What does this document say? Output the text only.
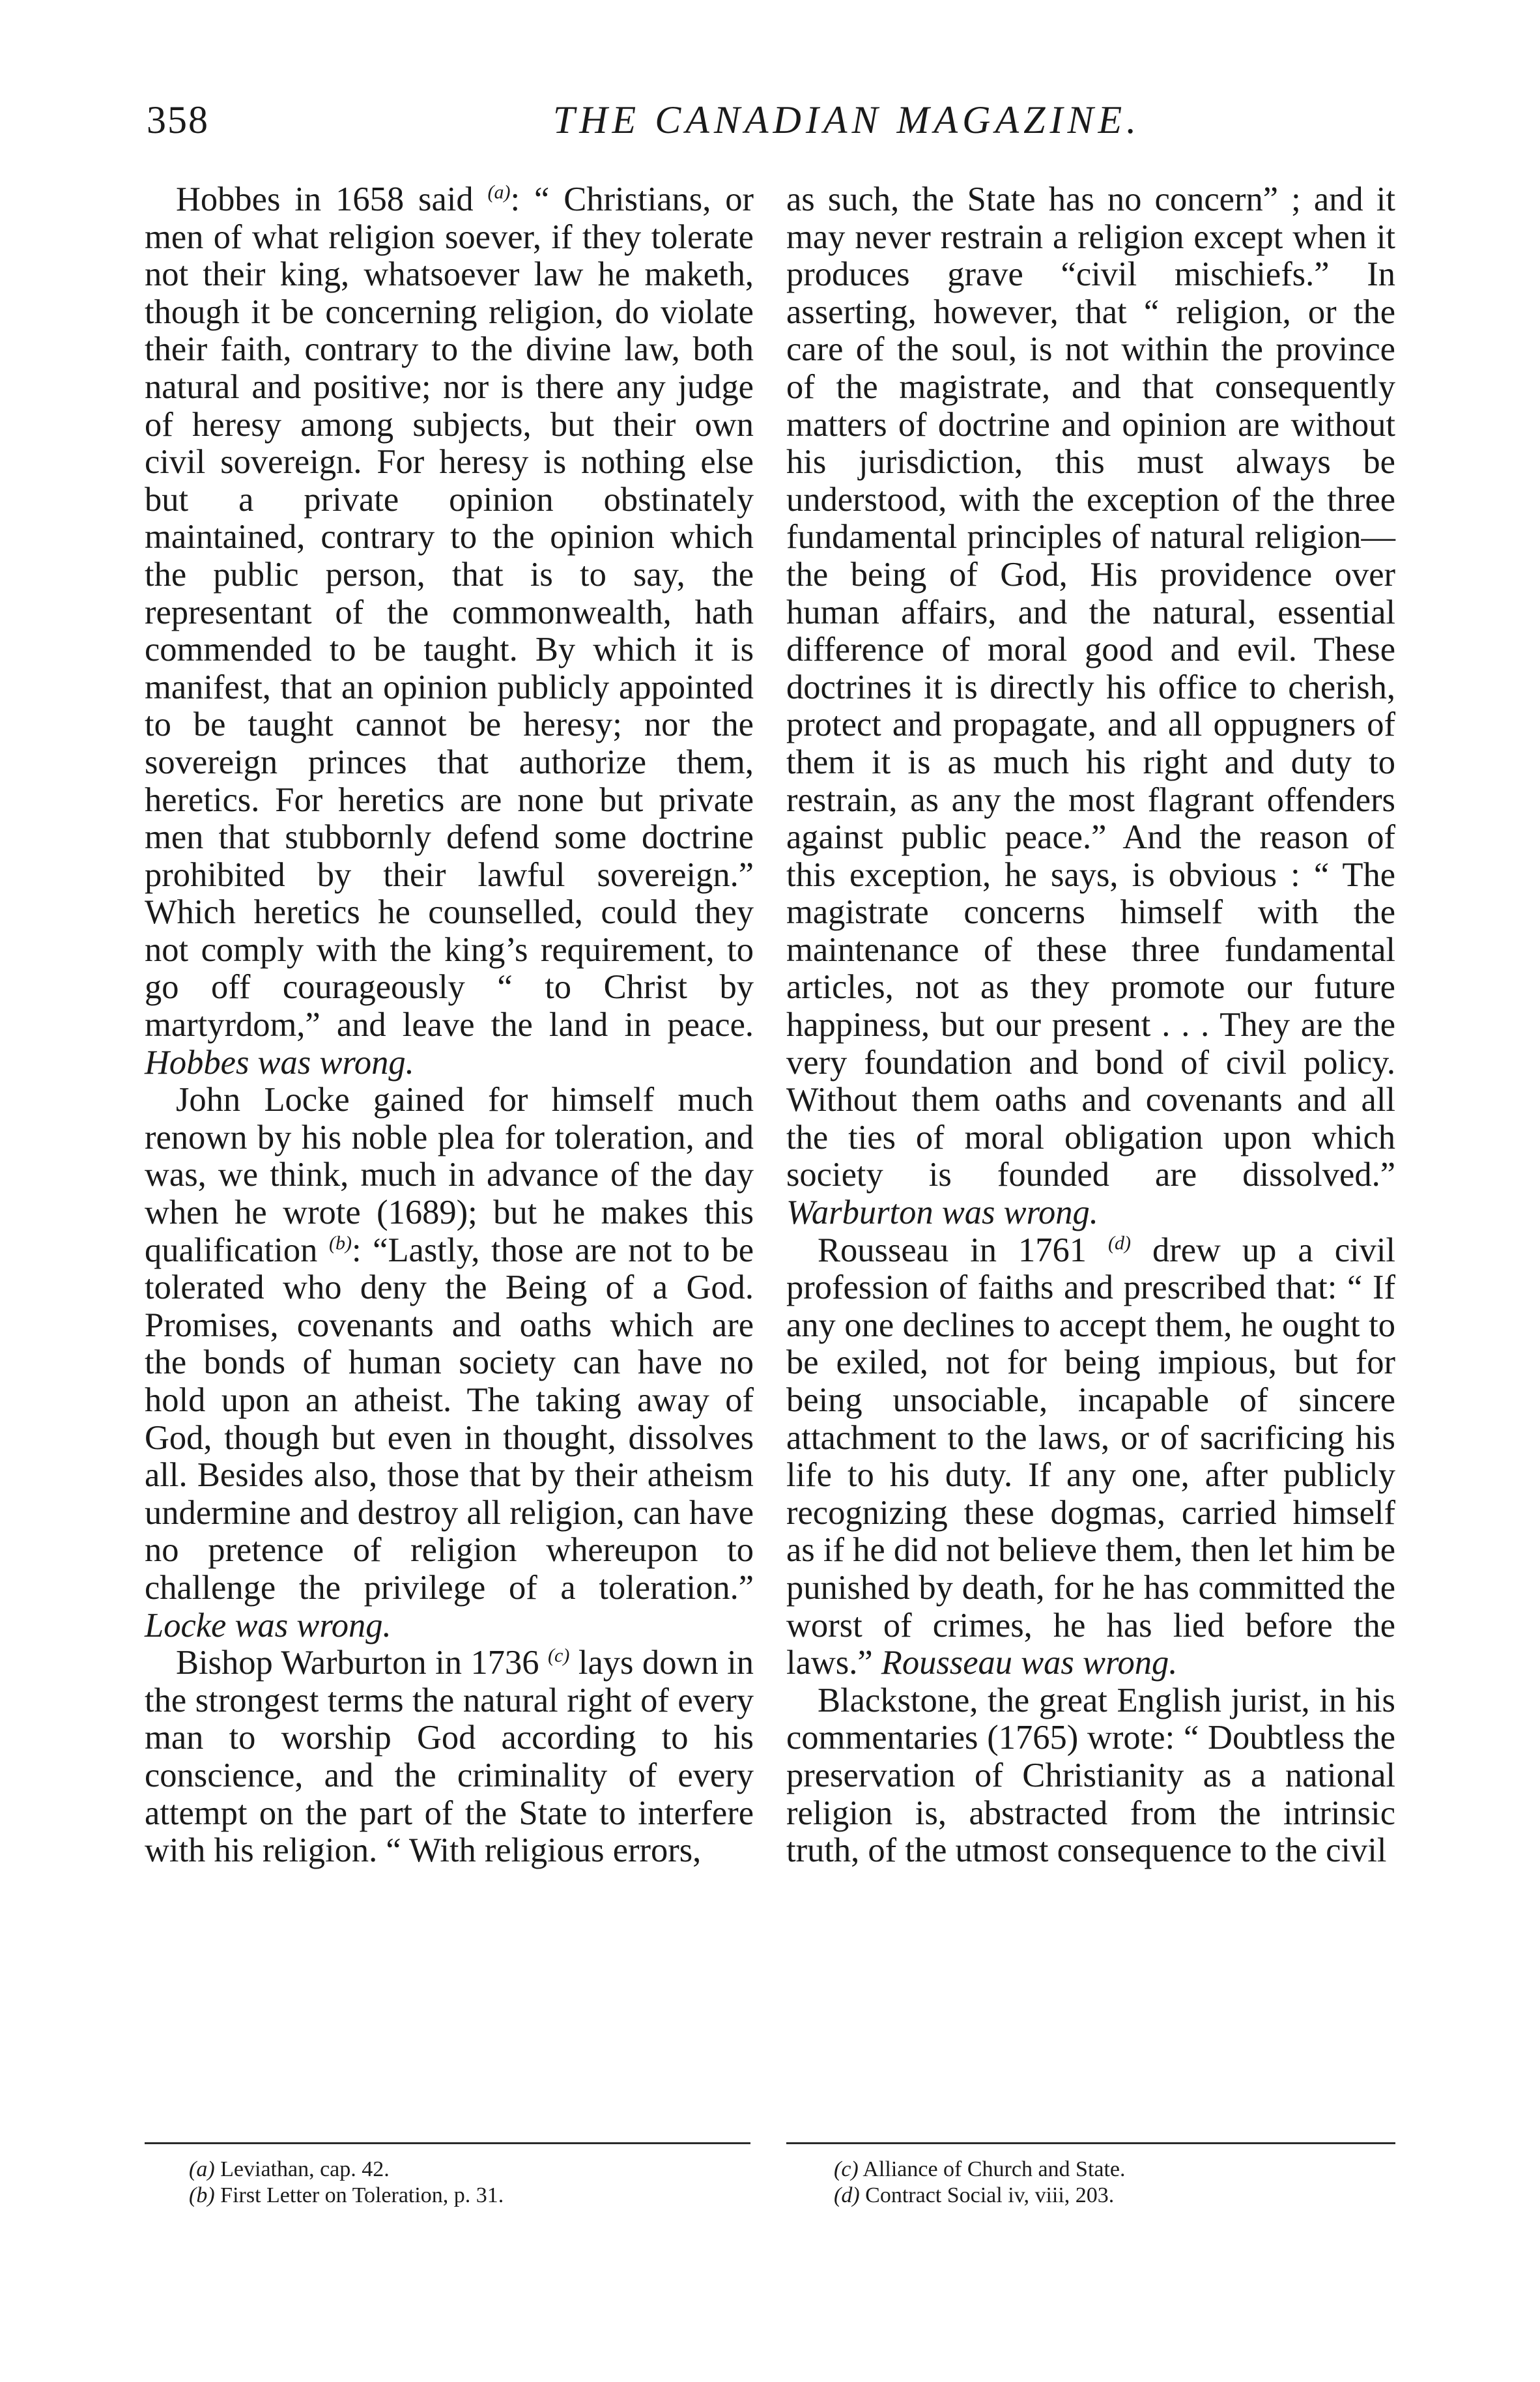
358	THE CANADIAN MAGAZINE.

Hobbes in 1658 said $^{(a)}$: “ Christians, or men of what religion soever, if they tolerate not their king, whatsoever law he maketh, though it be concerning religion, do violate their faith, contrary to the divine law, both natural and positive; nor is there any judge of heresy among subjects, but their own civil sovereign. For heresy is nothing else but a private opinion obstinately maintained, contrary to the opinion which the public person, that is to say, the representant of the commonwealth, hath commended to be taught. By which it is manifest, that an opinion publicly appointed to be taught cannot be heresy; nor the sovereign princes that authorize them, heretics. For heretics are none but private men that stubbornly defend some doctrine prohibited by their lawful sovereign.” Which heretics he counselled, could they not comply with the king’s requirement, to go off courageously “ to Christ by martyrdom,” and leave the land in peace. Hobbes was wrong.

John Locke gained for himself much renown by his noble plea for toleration, and was, we think, much in advance of the day when he wrote (1689); but he makes this qualification $^{(b)}$: “Lastly, those are not to be tolerated who deny the Being of a God. Promises, covenants and oaths which are the bonds of human society can have no hold upon an atheist. The taking away of God, though but even in thought, dissolves all. Besides also, those that by their atheism undermine and destroy all religion, can have no pretence of religion whereupon to challenge the privilege of a toleration.” Locke was wrong.

Bishop Warburton in 1736 $^{(c)}$ lays down in the strongest terms the natural right of every man to worship God according to his conscience, and the criminality of every attempt on the part of the State to interfere with his religion. “ With religious errors,

as such, the State has no concern” ; and it may never restrain a religion except when it produces grave “civil mischiefs.” In asserting, however, that “ religion, or the care of the soul, is not within the province of the magistrate, and that consequently matters of doctrine and opinion are without his jurisdiction, this must always be understood, with the exception of the three fundamental principles of natural religion—the being of God, His providence over human affairs, and the natural, essential difference of moral good and evil. These doctrines it is directly his office to cherish, protect and propagate, and all oppugners of them it is as much his right and duty to restrain, as any the most flagrant offenders against public peace.” And the reason of this exception, he says, is obvious : “ The magistrate concerns himself with the maintenance of these three fundamental articles, not as they promote our future happiness, but our present . . . They are the very foundation and bond of civil policy. Without them oaths and covenants and all the ties of moral obligation upon which society is founded are dissolved.” Warburton was wrong.

Rousseau in 1761 $^{(d)}$ drew up a civil profession of faiths and prescribed that: “ If any one declines to accept them, he ought to be exiled, not for being impious, but for being unsociable, incapable of sincere attachment to the laws, or of sacrificing his life to his duty. If any one, after publicly recognizing these dogmas, carried himself as if he did not believe them, then let him be punished by death, for he has committed the worst of crimes, he has lied before the laws.” Rousseau was wrong.

Blackstone, the great English jurist, in his commentaries (1765) wrote: “ Doubtless the preservation of Christianity as a national religion is, abstracted from the intrinsic truth, of the utmost consequence to the civil

(a) Leviathan, cap. 42.
(b) First Letter on Toleration, p. 31.
(c) Alliance of Church and State.
(d) Contract Social iv, viii, 203.
